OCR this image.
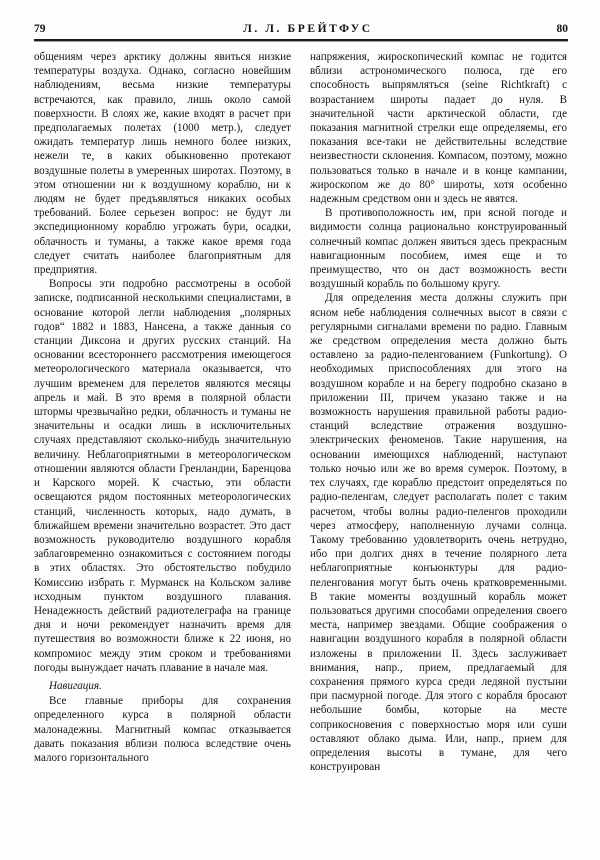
79	Л. Л. БРЕЙТФУС	80

общениям через арктику должны явиться низкие температуры воздуха. Однако, согласно новейшим наблюдениям, весьма низкие температуры встречаются, как правило, лишь около самой поверхности. В слоях же, какие входят в расчет при предполагаемых полетах (1000 метр.), следует ожидать температур лишь немного более низких, нежели те, в каких обыкновенно протекают воздушные полеты в умеренных широтах. Поэтому, в этом отношении ни к воздушному кораблю, ни к людям не будет предъявляться никаких особых требований. Более серьезен вопрос: не будут ли экспедиционному кораблю угрожать бури, осадки, облачность и туманы, а также какое время года следует считать наиболее благоприятным для предприятия.

Вопросы эти подробно рассмотрены в особой записке, подписанной несколькими специалистами, в основание которой легли наблюдения „полярных годов“ 1882 и 1883, Нансена, а также данныя со станции Диксона и других русских станций. На основании всестороннего рассмотрения имеющегося метеорологического материала оказывается, что лучшим временем для перелетов являются месяцы апрель и май. В это время в полярной области штормы чрезвычайно редки, облачность и туманы не значительны и осадки лишь в исключительных случаях представляют сколько-нибудь значительную величину. Неблагоприятными в метеорологическом отношении являются области Гренландии, Баренцова и Карского морей. К счастью, эти области освещаются рядом постоянных метеорологических станций, численность которых, надо думать, в ближайшем времени значительно возрастет. Это даст возможность руководителю воздушного корабля заблаговременно ознакомиться с состоянием погоды в этих областях. Это обстоятельство побудило Комиссию избрать г. Мурманск на Кольском заливе исходным пунктом воздушного плавания. Ненадежность действий радиотелеграфа на границе дня и ночи рекомендует назначить время для путешествия во возможности ближе к 22 июня, но компромиос между этим сроком и требованиями погоды вынуждает начать плавание в начале мая.

Навигация.

Все главные приборы для сохранения определенного курса в полярной области малонадежны. Магнитный компас отказывается давать показания вблизи полюса вследствие очень малого горизонтального

напряжения, жироскопический компас не годится вблизи астрономического полюса, где его способность выпрямляться (seine Richtkraft) с возрастанием широты падает до нуля. В значительной части арктической области, где показания магнитной стрелки еще определяемы, его показания все-таки не действительны вследствие неизвестности склонения. Компасом, поэтому, можно пользоваться только в начале и в конце кампании, жироскопом же до 80° широты, хотя особенно надежным средством они и здесь не явятся.

В противоположность им, при ясной погоде и видимости солнца рационально конструированный солнечный компас должен явиться здесь прекрасным навигационным пособием, имея еще и то преимущество, что он даст возможность вести воздушный корабль по большому кругу.

Для определения места должны служить при ясном небе наблюдения солнечных высот в связи с регулярными сигналами времени по радио. Главным же средством определения места должно быть оставлено за радио-пеленгованием (Funkortung). О необходимых приспособлениях для этого на воздушном корабле и на берегу подробно сказано в приложении III, причем указано также и на возможность нарушения правильной работы радио-станций вследствие отражения воздушно-электрических феноменов. Такие нарушения, на основании имеющихся наблюдений, наступают только ночью или же во время сумерок. Поэтому, в тех случаях, где кораблю предстоит определяться по радио-пеленгам, следует располагать полет с таким расчетом, чтобы волны радио-пеленгов проходили через атмосферу, наполненную лучами солнца. Такому требованию удовлетворить очень нетрудно, ибо при долгих днях в течение полярного лета неблагоприятные конъюнктуры для радио-пеленгования могут быть очень кратковременными. В такие моменты воздушный корабль может пользоваться другими способами определения своего места, например звездами. Общие соображения о навигации воздушного корабля в полярной области изложены в приложении II. Здесь заслуживает внимания, напр., прием, предлагаемый для сохранения прямого курса среди ледяной пустыни при пасмурной погоде. Для этого с корабля бросают небольшие бомбы, которые на месте соприкосновения с поверхностью моря или суши оставляют облако дыма. Или, напр., прием для определения высоты в тумане, для чего конструирован
